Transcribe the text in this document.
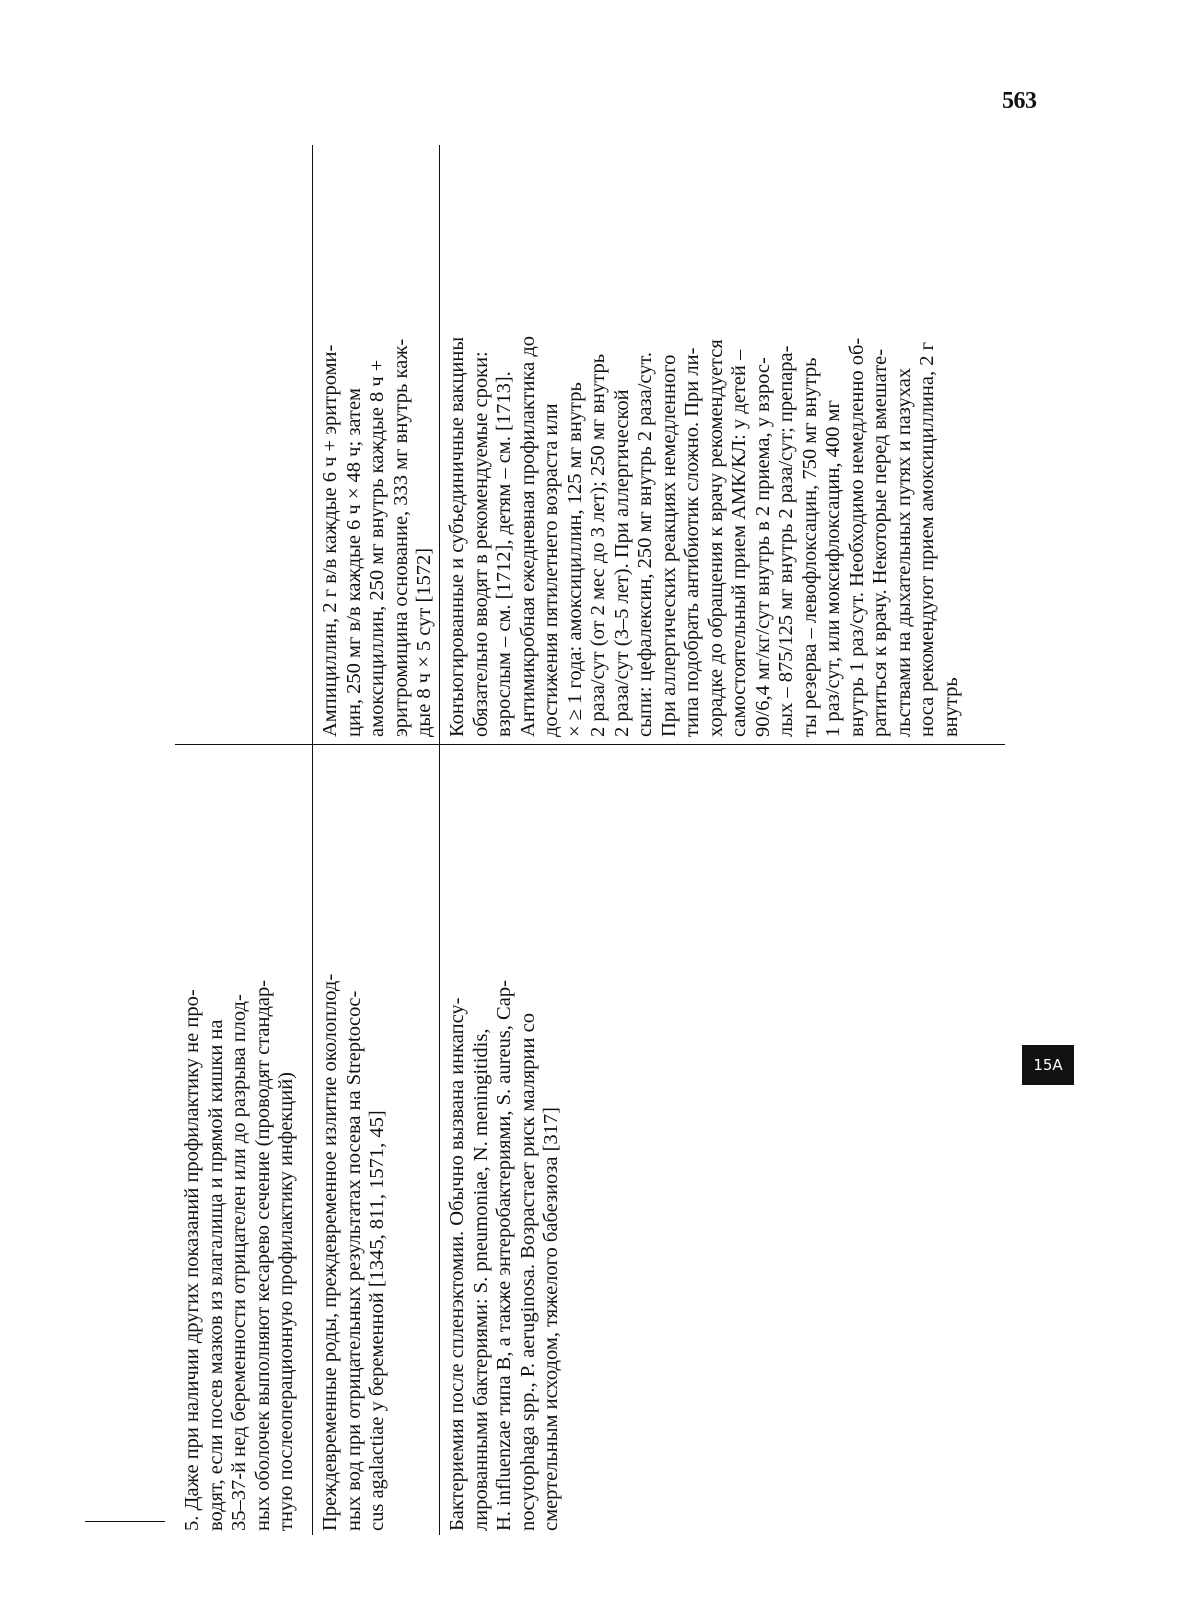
563
5. Даже при наличии других показаний профилактику не про- водят, если посев мазков из влагалища и прямой кишки на 35–37-й нед беременности отрицателен или до разрыва плод- ных оболочек выполняют кесарево сечение (проводят стандар- тную послеоперационную профилактику инфекций) Преждевременные роды, преждевременное излитие околоплод- ных вод при отрицательных результатах посева на Streptococ- cus agalactiae у беременной [1345, 811, 1571, 45]
Ампициллин, 2 г в/в каждые 6 ч + эритроми- цин, 250 мг в/в каждые 6 ч × 48 ч; затем амоксициллин, 250 мг внутрь каждые 8 ч + эритромицина основание, 333 мг внутрь каж- дые 8 ч × 5 сут [1572]
Бактериемия после спленэктомии. Обычно вызвана инкапсу- лированными бактериями: S. pneumoniae, N. meningitidis, H. influenzae типа B, а также энтеробактериями, S. aureus, Cap- nocytophaga spp., P. aeruginosa. Возрастает риск малярии со смертельным исходом, тяжелого бабезиоза [317]
Конъюгированные и субъединичные вакцины обязательно вводят в рекомендуемые сроки: взрослым – см. [1712], детям – см. [1713]. Антимикробная ежедневная профилактика до достижения пятилетнего возраста или × ≥ 1 года: амоксициллин, 125 мг внутрь 2 раза/сут (от 2 мес до 3 лет); 250 мг внутрь 2 раза/сут (3–5 лет). При аллергической сыпи: цефалексин, 250 мг внутрь 2 раза/сут. При аллергических реакциях немедленного типа подобрать антибиотик сложно. При ли- хорадке до обращения к врачу рекомендуется самостоятельный прием АМК/КЛ: у детей – 90/6,4 мг/кг/сут внутрь в 2 приема, у взрос- лых – 875/125 мг внутрь 2 раза/сут; препара- ты резерва – левофлоксацин, 750 мг внутрь 1 раз/сут, или моксифлоксацин, 400 мг внутрь 1 раз/сут. Необходимо немедленно об- ратиться к врачу. Некоторые перед вмешате- льствами на дыхательных путях и пазухах носа рекомендуют прием амоксициллина, 2 г внутрь
15A
